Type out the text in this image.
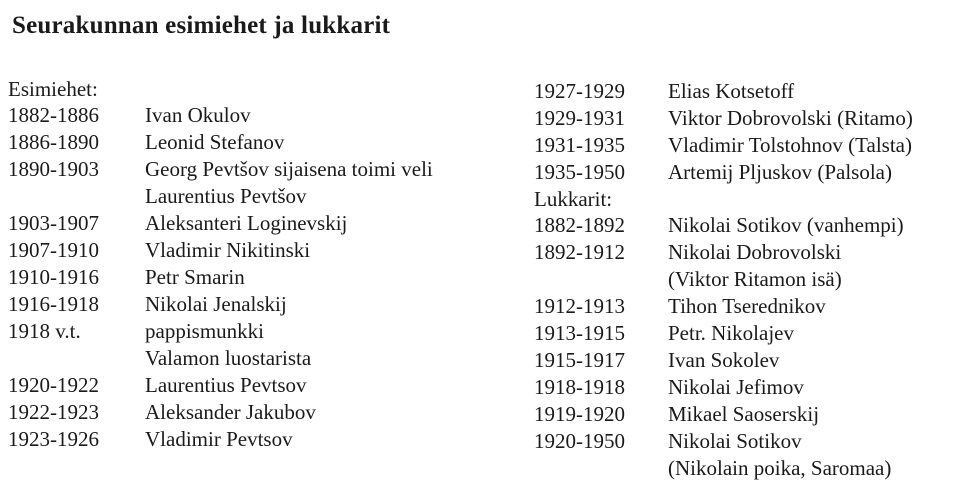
Seurakunnan esimiehet ja lukkarit
Esimiehet:
1882-1886 Ivan Okulov
1886-1890 Leonid Stefanov
1890-1903 Georg Pevtšov sijaisena toimi veli
Laurentius Pevtšov
1903-1907 Aleksanteri Loginevskij
1907-1910 Vladimir Nikitinski
1910-1916 Petr Smarin
1916-1918 Nikolai Jenalskij
1918 v.t.	pappismunkki
Valamon luostarista
1920-1922 Laurentius Pevtsov
1922-1923 Aleksander Jakubov
1923-1926 Vladimir Pevtsov
1927-1929 Elias Kotsetoff
1929-1931 Viktor Dobrovolski (Ritamo)
1931-1935 Vladimir Tolstohnov (Talsta)
1935-1950 Artemij Pljuskov (Palsola)
Lukkarit:
1882-1892 Nikolai Sotikov (vanhempi)
1892-1912 Nikolai Dobrovolski
(Viktor Ritamon isä)
1912-1913 Tihon Tserednikov
1913-1915 Petr. Nikolajev
1915-1917 Ivan Sokolev
1918-1918 Nikolai Jefimov
1919-1920 Mikael Saoserskij
1920-1950 Nikolai Sotikov
(Nikolain poika, Saromaa)
